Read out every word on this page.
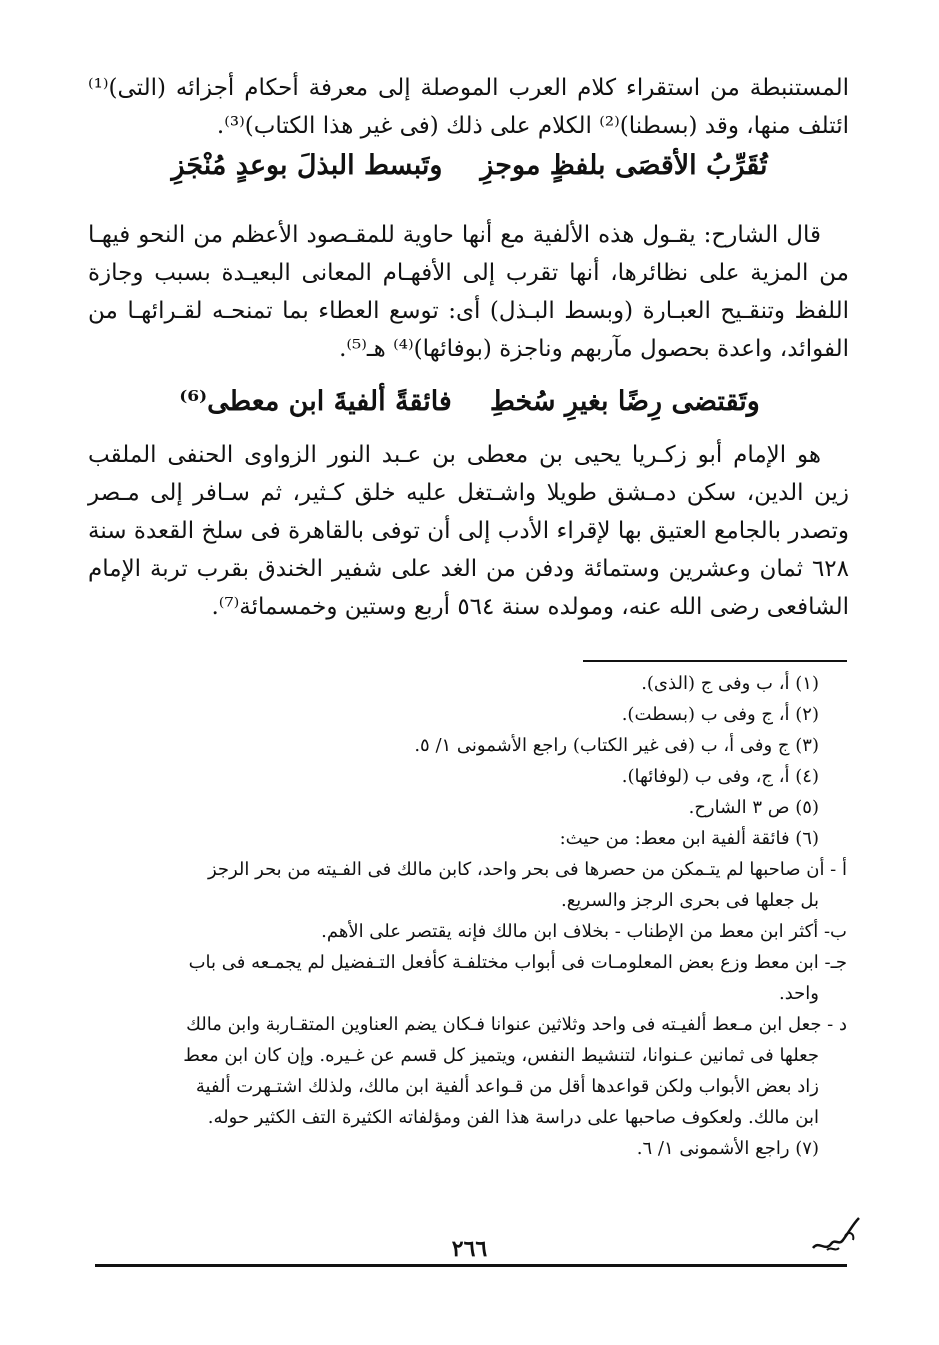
المستنبطة من استقراء كلام العرب الموصلة إلى معرفة أحكام أجزائه (التى)⁽¹⁾ ائتلف منها، وقد (بسطنا)⁽²⁾ الكلام على ذلك (فى غير هذا الكتاب)⁽³⁾.

تُقَرِّبُ الأقصَى بلفظٍ موجزِوتَبسط البذلَ بوعدٍ مُنْجَزِ
قال الشارح: يقـول هذه الألفية مع أنها حاوية للمقـصود الأعظم من النحو فيهـا من المزية على نظائرها، أنها تقرب إلى الأفهـام المعانى البعيـدة بسبب وجازة اللفظ وتنقـيح العبـارة (وبسط البـذل) أى: توسع العطاء بما تمنحـه لقـرائهـا من الفوائد، واعدة بحصول مآربهم وناجزة (بوفائها)⁽⁴⁾ هـ⁽⁵⁾.
وتَقتضى رِضًا بغيرِ سُخطِفائقةً ألفيةَ ابن معطى⁽⁶⁾
هو الإمام أبو زكـريا يحيى بن معطى بن عـبد النور الزواوى الحنفى الملقب زين الدين، سكن دمـشق طويلا واشـتغل عليه خلق كـثير، ثم سـافر إلى مـصر وتصدر بالجامع العتيق بها لإقراء الأدب إلى أن توفى بالقاهرة فى سلخ القعدة سنة ٦٢٨ ثمان وعشرين وستمائة ودفن من الغد على شفير الخندق بقرب تربة الإمام الشافعى رضى الله عنه، ومولده سنة ٥٦٤ أربع وستين وخمسمائة⁽⁷⁾.

(١) أ، ب وفى ج (الذى).

(٢) أ، ج وفى ب (بسطت).

(٣) ج وفى أ، ب (فى غير الكتاب) راجع الأشمونى ١/ ٥.

(٤) أ، ج، وفى ب (لوفائها).

(٥) ص ٣ الشارح.

(٦) فائقة ألفية ابن معط: من حيث:

أ - أن صاحبها لم يتـمكن من حصرها فى بحر واحد، كابن مالك فى الفـيته من بحر الرجز

بل جعلها فى بحرى الرجز والسريع.

ب- أكثر ابن معط من الإطناب - بخلاف ابن مالك فإنه يقتصر على الأهم.

جـ- ابن معط وزع بعض المعلومـات فى أبواب مختلفـة كأفعل التـفضيل لم يجمـعه فى باب

واحد.

د - جعل ابن مـعط ألفيـته فى واحد وثلاثين عنوانا فـكان يضم العناوين المتقـاربة وابن مالك

جعلها فى ثمانين عـنوانا، لتنشيط النفس، ويتميز كل قسم عن غـيره. وإن كان ابن معط

زاد بعض الأبواب ولكن قواعدها أقل من قـواعد ألفية ابن مالك، ولذلك اشتـهرت ألفية

ابن مالك. ولعكوف صاحبها على دراسة هذا الفن ومؤلفاته الكثيرة التف الكثير حوله.

(٧) راجع الأشمونى ١/ ٦.

٢٦٦
